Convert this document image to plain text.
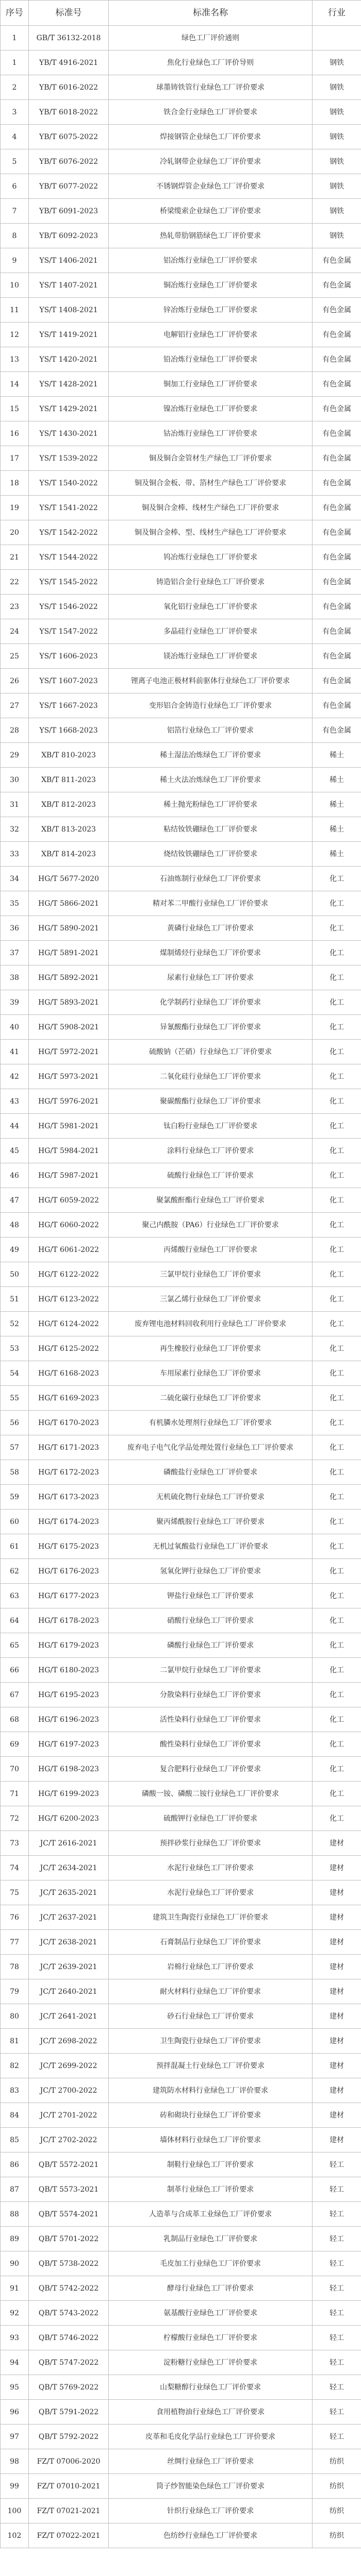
序号	标准号	标准名称	行业
1	GB/T 36132-2018	绿色工厂评价通则	
1	YB/T 4916-2021	焦化行业绿色工厂评价导则	钢铁
2	YB/T 6016-2022	球墨铸铁管行业绿色工厂评价要求	钢铁
3	YB/T 6018-2022	铁合金行业绿色工厂评价要求	钢铁
4	YB/T 6075-2022	焊接钢管企业绿色工厂评价要求	钢铁
5	YB/T 6076-2022	冷轧钢带企业绿色工厂评价要求	钢铁
6	YB/T 6077-2022	不锈钢焊管企业绿色工厂评价要求	钢铁
7	YB/T 6091-2023	桥梁缆索企业绿色工厂评价要求	钢铁
8	YB/T 6092-2023	热轧带肋钢筋绿色工厂评价要求	钢铁
9	YS/T 1406-2021	铝冶炼行业绿色工厂评价要求	有色金属
10	YS/T 1407-2021	铜冶炼行业绿色工厂评价要求	有色金属
11	YS/T 1408-2021	锌冶炼行业绿色工厂评价要求	有色金属
12	YS/T 1419-2021	电解铝行业绿色工厂评价要求	有色金属
13	YS/T 1420-2021	铅冶炼行业绿色工厂评价要求	有色金属
14	YS/T 1428-2021	铜加工行业绿色工厂评价要求	有色金属
15	YS/T 1429-2021	镍冶炼行业绿色工厂评价要求	有色金属
16	YS/T 1430-2021	钴冶炼行业绿色工厂评价要求	有色金属
17	YS/T 1539-2022	铜及铜合金管材生产绿色工厂评价要求	有色金属
18	YS/T 1540-2022	铜及铜合金板、带、箔材生产绿色工厂评价要求	有色金属
19	YS/T 1541-2022	铜及铜合金棒、线材生产绿色工厂评价要求	有色金属
20	YS/T 1542-2022	铜及铜合金棒、型、线材生产绿色工厂评价要求	有色金属
21	YS/T 1544-2022	钨冶炼行业绿色工厂评价要求	有色金属
22	YS/T 1545-2022	铸造铝合金行业绿色工厂评价要求	有色金属
23	YS/T 1546-2022	氧化铝行业绿色工厂评价要求	有色金属
24	YS/T 1547-2022	多晶硅行业绿色工厂评价要求	有色金属
25	YS/T 1606-2023	镁冶炼行业绿色工厂评价要求	有色金属
26	YS/T 1607-2023	锂离子电池正极材料前驱体行业绿色工厂评价要求	有色金属
27	YS/T 1667-2023	变形铝合金铸造行业绿色工厂评价要求	有色金属
28	YS/T 1668-2023	铝箔行业绿色工厂评价要求	有色金属
29	XB/T 810-2023	稀土湿法冶炼绿色工厂评价要求	稀土
30	XB/T 811-2023	稀土火法冶炼绿色工厂评价要求	稀土
31	XB/T 812-2023	稀土抛光粉绿色工厂评价要求	稀土
32	XB/T 813-2023	粘结钕铁硼绿色工厂评价要求	稀土
33	XB/T 814-2023	烧结钕铁硼绿色工厂评价要求	稀土
34	HG/T 5677-2020	石油炼制行业绿色工厂评价要求	化工
35	HG/T 5866-2021	精对苯二甲酸行业绿色工厂评价要求	化工
36	HG/T 5890-2021	黄磷行业绿色工厂评价要求	化工
37	HG/T 5891-2021	煤制烯烃行业绿色工厂评价要求	化工
38	HG/T 5892-2021	尿素行业绿色工厂评价要求	化工
39	HG/T 5893-2021	化学制药行业绿色工厂评价要求	化工
40	HG/T 5908-2021	异氰酸酯行业绿色工厂评价要求	化工
41	HG/T 5972-2021	硫酸钠（芒硝）行业绿色工厂评价要求	化工
42	HG/T 5973-2021	二氧化硅行业绿色工厂评价要求	化工
43	HG/T 5976-2021	聚碳酸酯行业绿色工厂评价要求	化工
44	HG/T 5981-2021	钛白粉行业绿色工厂评价要求	化工
45	HG/T 5984-2021	涂料行业绿色工厂评价要求	化工
46	HG/T 5987-2021	硫酸行业绿色工厂评价要求	化工
47	HG/T 6059-2022	聚氯酸酐酯行业绿色工厂评价要求	化工
48	HG/T 6060-2022	聚己内酰胺（PA6）行业绿色工厂评价要求	化工
49	HG/T 6061-2022	丙烯酸行业绿色工厂评价要求	化工
50	HG/T 6122-2022	三氯甲烷行业绿色工厂评价要求	化工
51	HG/T 6123-2022	三氯乙烯行业绿色工厂评价要求	化工
52	HG/T 6124-2022	废弃锂电池材料回收利用行业绿色工厂评价要求	化工
53	HG/T 6125-2022	再生橡胶行业绿色工厂评价要求	化工
54	HG/T 6168-2023	车用尿素行业绿色工厂评价要求	化工
55	HG/T 6169-2023	二硫化碳行业绿色工厂评价要求	化工
56	HG/T 6170-2023	有机膦水处理剂行业绿色工厂评价要求	化工
57	HG/T 6171-2023	废弃电子电气化学品处理处置行业绿色工厂评价要求	化工
58	HG/T 6172-2023	磷酸盐行业绿色工厂评价要求	化工
59	HG/T 6173-2023	无机硫化物行业绿色工厂评价要求	化工
60	HG/T 6174-2023	聚丙烯酰胺行业绿色工厂评价要求	化工
61	HG/T 6175-2023	无机过氧酸盐行业绿色工厂评价要求	化工
62	HG/T 6176-2023	氢氧化钾行业绿色工厂评价要求	化工
63	HG/T 6177-2023	钾盐行业绿色工厂评价要求	化工
64	HG/T 6178-2023	硝酸行业绿色工厂评价要求	化工
65	HG/T 6179-2023	磷酸行业绿色工厂评价要求	化工
66	HG/T 6180-2023	二氯甲烷行业绿色工厂评价要求	化工
67	HG/T 6195-2023	分散染料行业绿色工厂评价要求	化工
68	HG/T 6196-2023	活性染料行业绿色工厂评价要求	化工
69	HG/T 6197-2023	酸性染料行业绿色工厂评价要求	化工
70	HG/T 6198-2023	复合肥料行业绿色工厂评价要求	化工
71	HG/T 6199-2023	磷酸一铵、磷酸二铵行业绿色工厂评价要求	化工
72	HG/T 6200-2023	硫酸钾行业绿色工厂评价要求	化工
73	JC/T 2616-2021	预拌砂浆行业绿色工厂评价要求	建材
74	JC/T 2634-2021	水泥行业绿色工厂评价要求	建材
75	JC/T 2635-2021	水泥行业绿色工厂评价要求	建材
76	JC/T 2637-2021	建筑卫生陶瓷行业绿色工厂评价要求	建材
77	JC/T 2638-2021	石膏制品行业绿色工厂评价要求	建材
78	JC/T 2639-2021	岩棉行业绿色工厂评价要求	建材
79	JC/T 2640-2021	耐火材料行业绿色工厂评价要求	建材
80	JC/T 2641-2021	砂石行业绿色工厂评价要求	建材
81	JC/T 2698-2022	卫生陶瓷行业绿色工厂评价要求	建材
82	JC/T 2699-2022	预拌混凝土行业绿色工厂评价要求	建材
83	JC/T 2700-2022	建筑防水材料行业绿色工厂评价要求	建材
84	JC/T 2701-2022	砖和砌块行业绿色工厂评价要求	建材
85	JC/T 2702-2022	墙体材料行业绿色工厂评价要求	建材
86	QB/T 5572-2021	制鞋行业绿色工厂评价要求	轻工
87	QB/T 5573-2021	制革行业绿色工厂评价要求	轻工
88	QB/T 5574-2021	人造革与合成革工业绿色工厂评价要求	轻工
89	QB/T 5701-2022	乳制品行业绿色工厂评价要求	轻工
90	QB/T 5738-2022	毛皮加工行业绿色工厂评价要求	轻工
91	QB/T 5742-2022	酵母行业绿色工厂评价要求	轻工
92	QB/T 5743-2022	氨基酸行业绿色工厂评价要求	轻工
93	QB/T 5746-2022	柠檬酸行业绿色工厂评价要求	轻工
94	QB/T 5747-2022	淀粉糖行业绿色工厂评价要求	轻工
95	QB/T 5769-2022	山梨糖醇行业绿色工厂评价要求	轻工
96	QB/T 5791-2022	食用植物油行业绿色工厂评价要求	轻工
97	QB/T 5792-2022	皮革和毛皮化学品行业绿色工厂评价要求	轻工
98	FZ/T 07006-2020	丝绸行业绿色工厂评价要求	纺织
99	FZ/T 07010-2021	筒子纱智能染色绿色工厂评价要求	纺织
100	FZ/T 07021-2021	针织行业绿色工厂评价要求	纺织
102	FZ/T 07022-2021	色纺纱行业绿色工厂评价要求	纺织
